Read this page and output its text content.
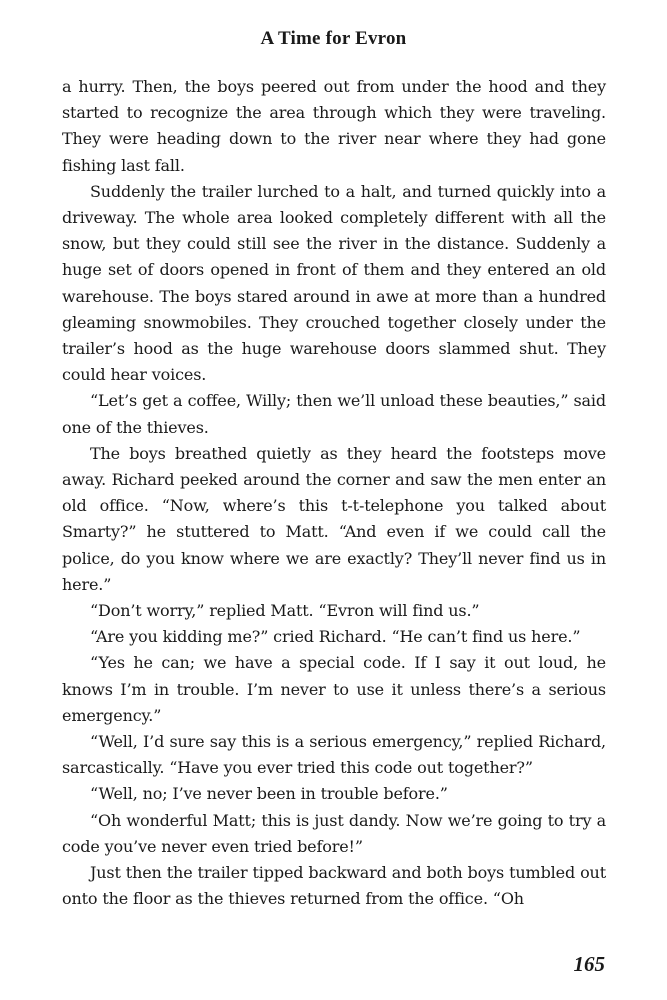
A Time for Evron

a hurry. Then, the boys peered out from under the hood and they started to recognize the area through which they were traveling. They were heading down to the river near where they had gone fishing last fall.

Suddenly the trailer lurched to a halt, and turned quickly into a driveway. The whole area looked completely different with all the snow, but they could still see the river in the distance. Suddenly a huge set of doors opened in front of them and they entered an old warehouse. The boys stared around in awe at more than a hundred gleaming snowmobiles. They crouched together closely under the trailer’s hood as the huge warehouse doors slammed shut. They could hear voices.

“Let’s get a coffee, Willy; then we’ll unload these beauties,” said one of the thieves.

The boys breathed quietly as they heard the footsteps move away. Richard peeked around the corner and saw the men enter an old office. “Now, where’s this t-t-telephone you talked about Smarty?” he stuttered to Matt. “And even if we could call the police, do you know where we are exactly? They’ll never find us in here.”

“Don’t worry,” replied Matt. “Evron will find us.”

“Are you kidding me?” cried Richard. “He can’t find us here.”

“Yes he can; we have a special code. If I say it out loud, he knows I’m in trouble. I’m never to use it unless there’s a serious emergency.”

“Well, I’d sure say this is a serious emergency,” replied Richard, sarcastically. “Have you ever tried this code out together?”

“Well, no; I’ve never been in trouble before.”

“Oh wonderful Matt; this is just dandy. Now we’re going to try a code you’ve never even tried before!”

Just then the trailer tipped backward and both boys tumbled out onto the floor as the thieves returned from the office. “Oh

165
